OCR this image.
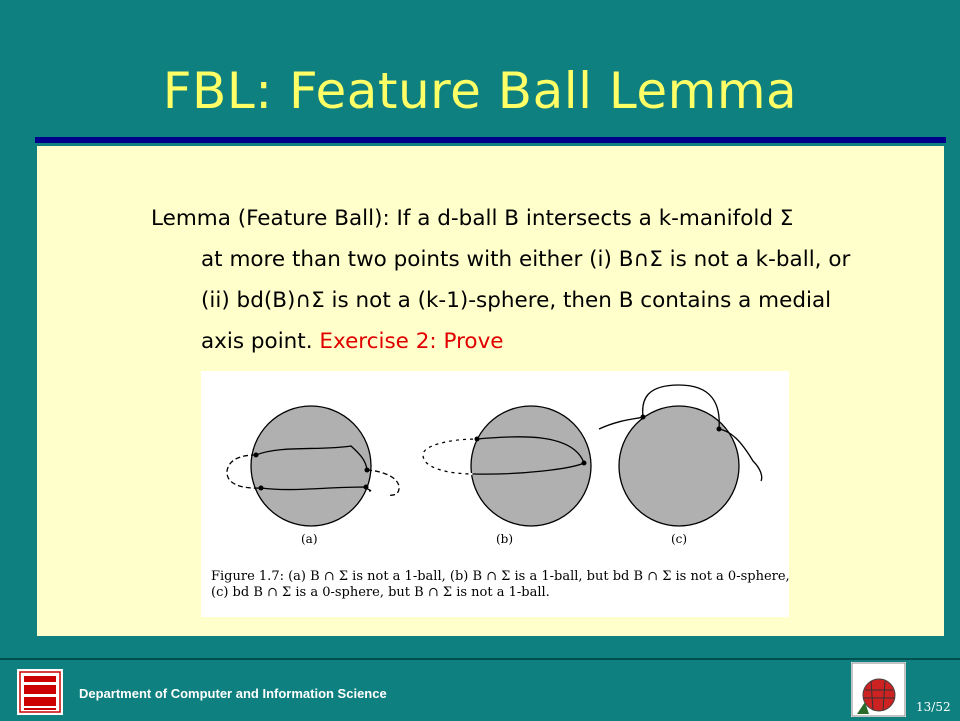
FBL: Feature Ball Lemma
Lemma (Feature Ball): If a d-ball B intersects a k-manifold Σ
at more than two points with either (i) B∩Σ is not a k-ball, or (ii) bd(B)∩Σ is not a (k-1)-sphere, then B contains a medial axis point. Exercise 2: Prove
(a)	(b)	(c)
Figure 1.7: (a) B ∩ Σ is not a 1-ball, (b) B ∩ Σ is a 1-ball, but bd B ∩ Σ is not a 0-sphere,
(c) bd B ∩ Σ is a 0-sphere, but B ∩ Σ is not a 1-ball.
Department of Computer and Information Science
13/52
